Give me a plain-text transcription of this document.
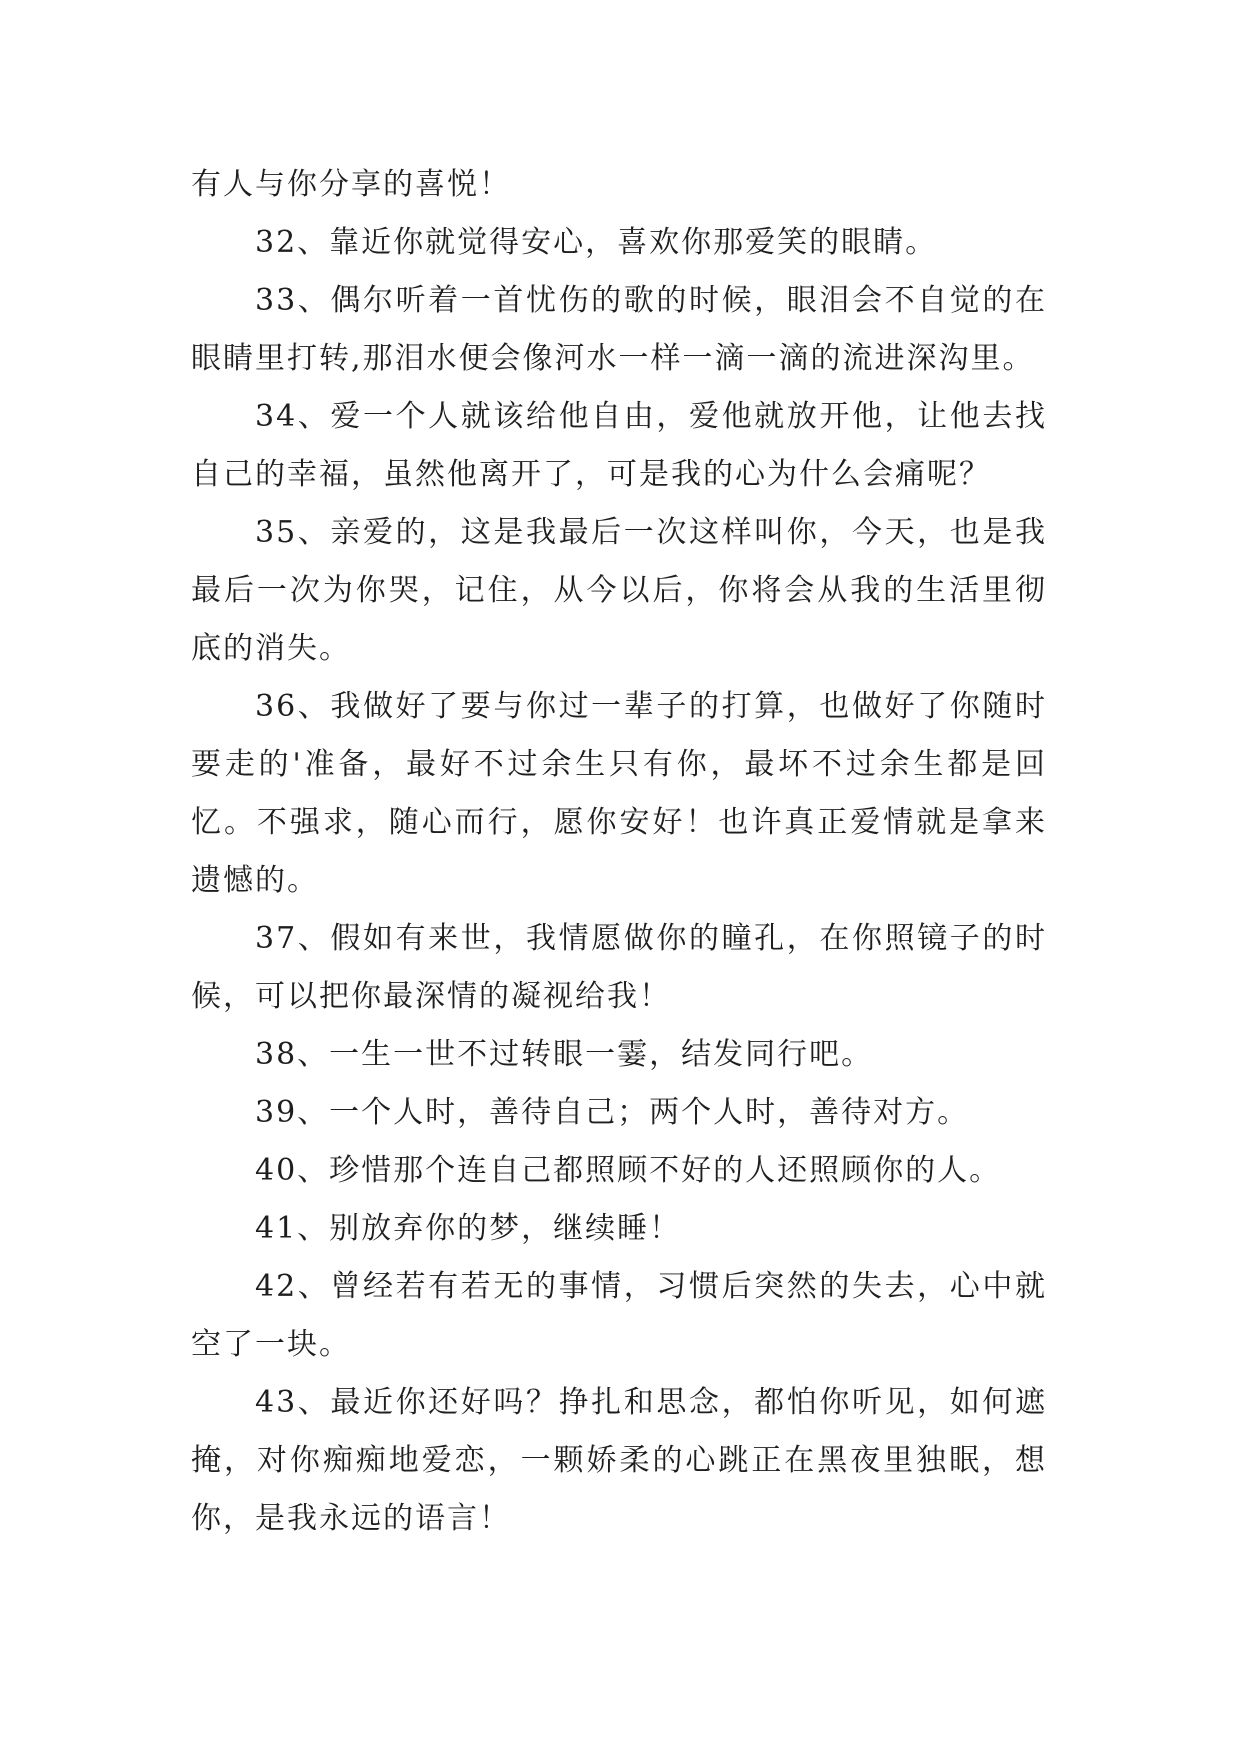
有人与你分享的喜悦！

32、靠近你就觉得安心，喜欢你那爱笑的眼睛。

33、偶尔听着一首忧伤的歌的时候，眼泪会不自觉的在眼睛里打转,那泪水便会像河水一样一滴一滴的流进深沟里。

34、爱一个人就该给他自由，爱他就放开他，让他去找自己的幸福，虽然他离开了，可是我的心为什么会痛呢？

35、亲爱的，这是我最后一次这样叫你，今天，也是我最后一次为你哭，记住，从今以后，你将会从我的生活里彻底的消失。

36、我做好了要与你过一辈子的打算，也做好了你随时要走的'准备，最好不过余生只有你，最坏不过余生都是回忆。不强求，随心而行，愿你安好！也许真正爱情就是拿来遗憾的。

37、假如有来世，我情愿做你的瞳孔，在你照镜子的时候，可以把你最深情的凝视给我！

38、一生一世不过转眼一霎，结发同行吧。

39、一个人时，善待自己；两个人时，善待对方。

40、珍惜那个连自己都照顾不好的人还照顾你的人。

41、别放弃你的梦，继续睡！

42、曾经若有若无的事情，习惯后突然的失去，心中就空了一块。

43、最近你还好吗？挣扎和思念，都怕你听见，如何遮掩，对你痴痴地爱恋，一颗娇柔的心跳正在黑夜里独眠，想你，是我永远的语言！
